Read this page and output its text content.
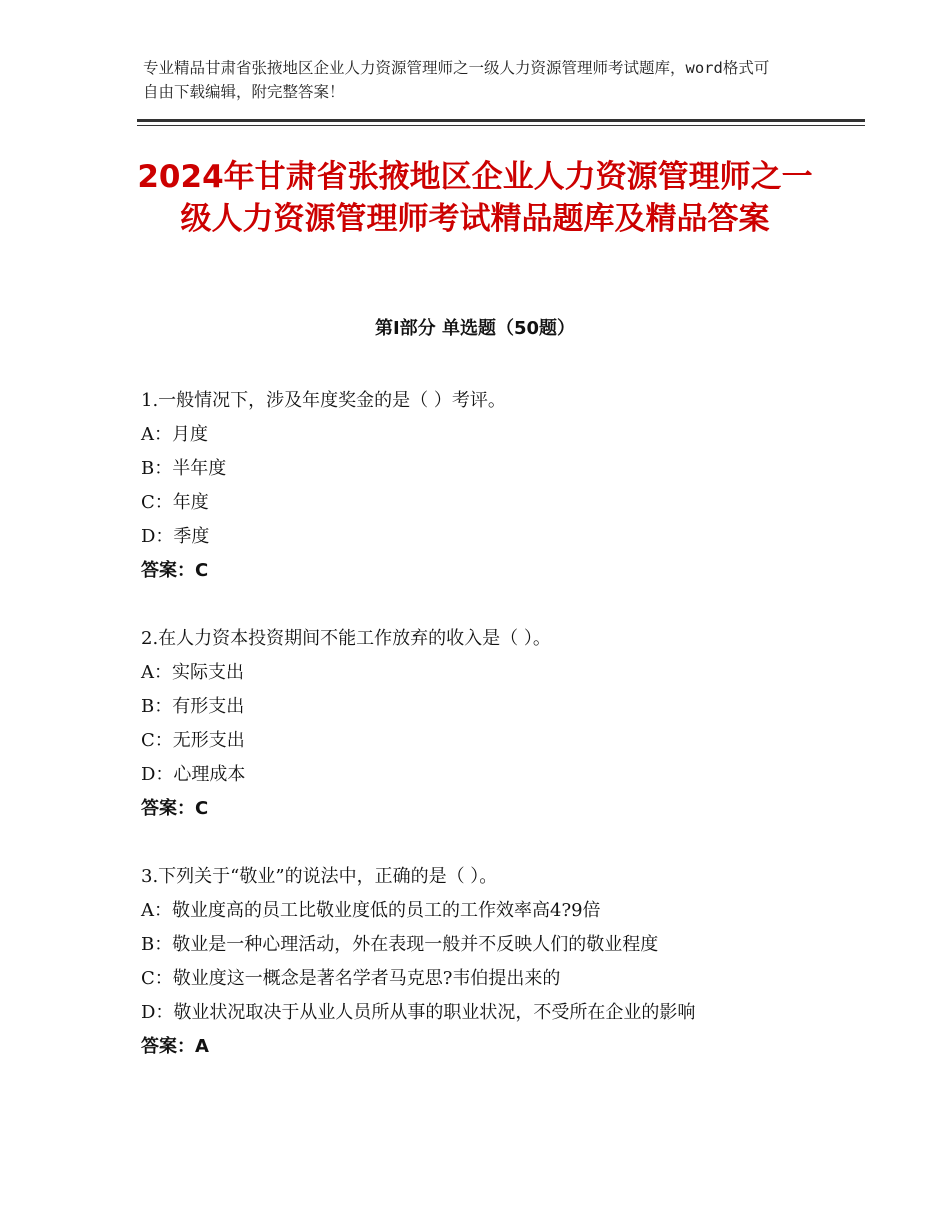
专业精品甘肃省张掖地区企业人力资源管理师之一级人力资源管理师考试题库，word格式可自由下载编辑，附完整答案！
2024年甘肃省张掖地区企业人力资源管理师之一级人力资源管理师考试精品题库及精品答案
第Ⅰ部分 单选题（50题）
1.一般情况下，涉及年度奖金的是（ ）考评。
A：月度
B：半年度
C：年度
D：季度
答案：C
2.在人力资本投资期间不能工作放弃的收入是（ ）。
A：实际支出
B：有形支出
C：无形支出
D：心理成本
答案：C
3.下列关于“敬业”的说法中，正确的是（ ）。
A：敬业度高的员工比敬业度低的员工的工作效率高4?9倍
B：敬业是一种心理活动，外在表现一般并不反映人们的敬业程度
C：敬业度这一概念是著名学者马克思?韦伯提出来的
D：敬业状况取决于从业人员所从事的职业状况，不受所在企业的影响
答案：A
